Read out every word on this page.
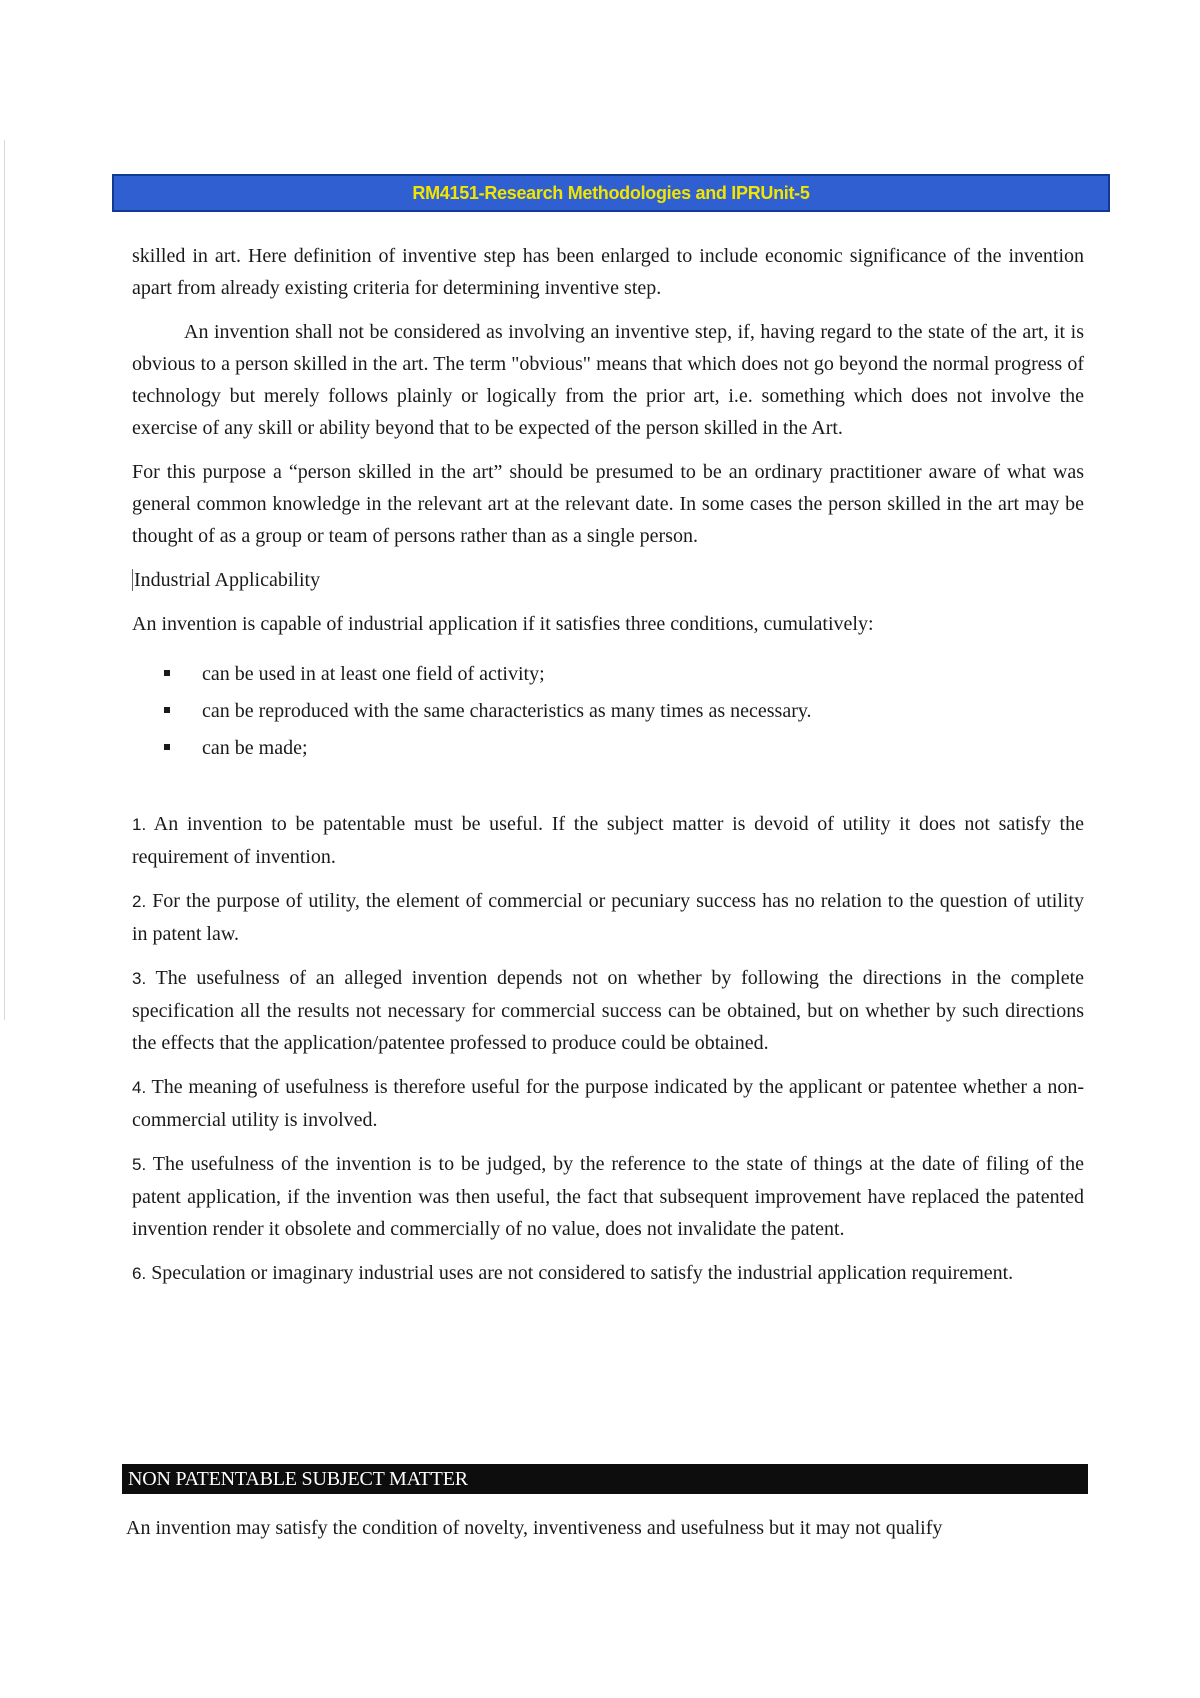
RM4151-Research Methodologies and IPRUnit-5

skilled in art. Here definition of inventive step has been enlarged to include economic significance of the invention apart from already existing criteria for determining inventive step.

An invention shall not be considered as involving an inventive step, if, having regard to the state of the art, it is obvious to a person skilled in the art. The term "obvious" means that which does not go beyond the normal progress of technology but merely follows plainly or logically from the prior art, i.e. something which does not involve the exercise of any skill or ability beyond that to be expected of the person skilled in the Art.

For this purpose a “person skilled in the art” should be presumed to be an ordinary practitioner aware of what was general common knowledge in the relevant art at the relevant date. In some cases the person skilled in the art may be thought of as a group or team of persons rather than as a single person.

Industrial Applicability

An invention is capable of industrial application if it satisfies three conditions, cumulatively:

can be used in at least one field of activity;
can be reproduced with the same characteristics as many times as necessary.
can be made;

1. An invention to be patentable must be useful. If the subject matter is devoid of utility it does not satisfy the requirement of invention.

2. For the purpose of utility, the element of commercial or pecuniary success has no relation to the question of utility in patent law.

3. The usefulness of an alleged invention depends not on whether by following the directions in the complete specification all the results not necessary for commercial success can be obtained, but on whether by such directions the effects that the application/patentee professed to produce could be obtained.

4. The meaning of usefulness is therefore useful for the purpose indicated by the applicant or patentee whether a non-commercial utility is involved.

5. The usefulness of the invention is to be judged, by the reference to the state of things at the date of filing of the patent application, if the invention was then useful, the fact that subsequent improvement have replaced the patented invention render it obsolete and commercially of no value, does not invalidate the patent.

6. Speculation or imaginary industrial uses are not considered to satisfy the industrial application requirement.

NON PATENTABLE SUBJECT MATTER
An invention may satisfy the condition of novelty, inventiveness and usefulness but it may not qualify
